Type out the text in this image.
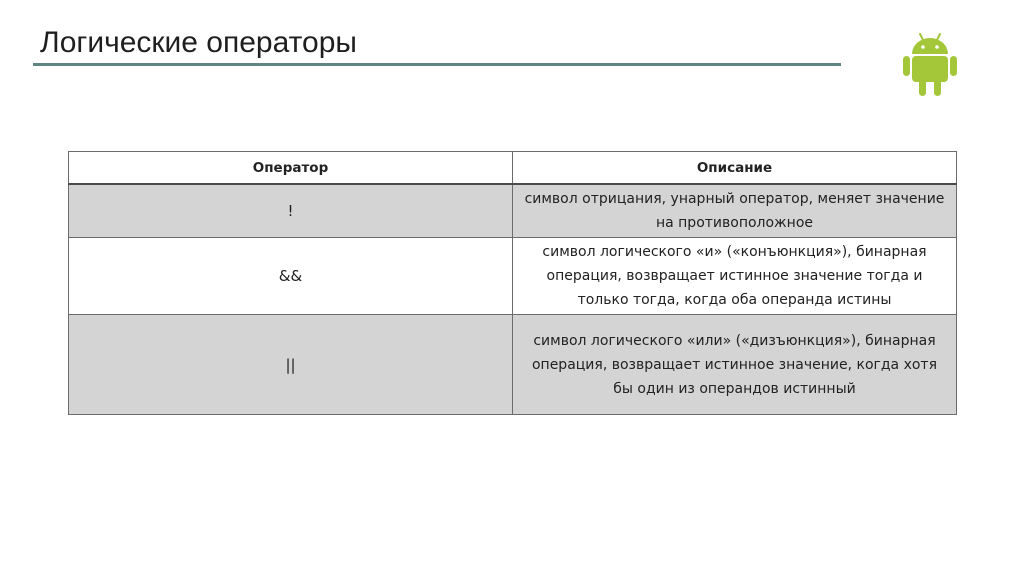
Логические операторы
Оператор	Описание
!	символ отрицания, унарный оператор, меняет значение на противоположное
&&	символ логического «и» («конъюнкция»), бинарная операция, возвращает истинное значение тогда и только тогда, когда оба операнда истины
||	символ логического «или» («дизъюнкция»), бинарная операция, возвращает истинное значение, когда хотя бы один из операндов истинный
